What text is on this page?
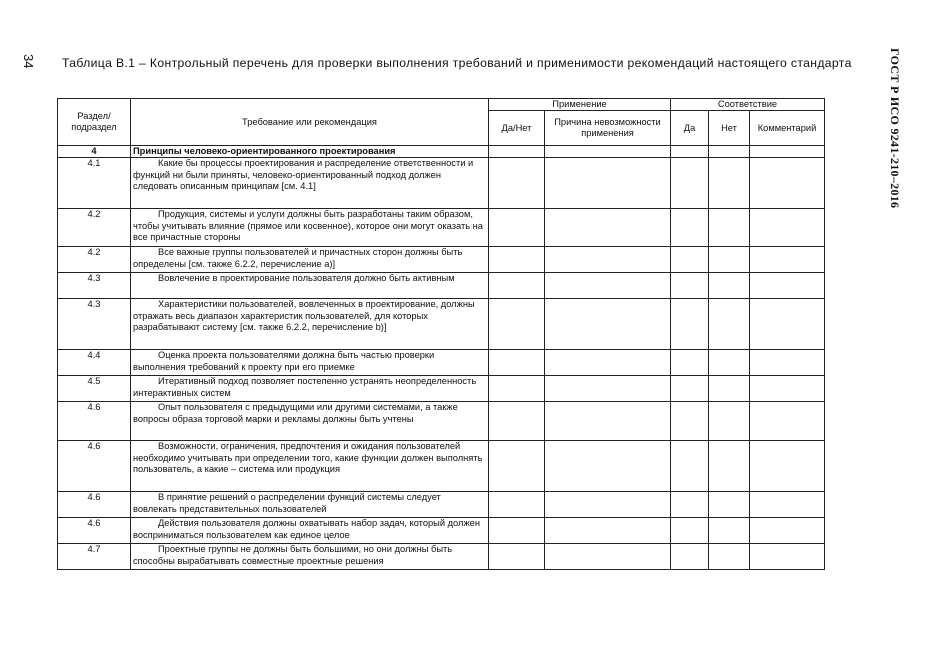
34	ГОСТ Р ИСО 9241-210–2016
Таблица В.1 – Контрольный перечень для проверки выполнения требований и применимости рекомендаций настоящего стандарта
Раздел/ подраздел	Требование или рекомендация	Применение		Соответствие		
		Да/Нет	Причина невозможности применения	Да	Нет	Комментарий
4	Принципы человеко-ориентированного проектирования					
4.1	Какие бы процессы проектирования и распределение ответственности и функций ни были приняты, человеко-ориентированный подход должен следовать описанным принципам [см. 4.1]					
4.2	Продукция, системы и услуги должны быть разработаны таким образом, чтобы учитывать влияние (прямое или косвенное), которое они могут оказать на все причастные стороны					
4.2	Все важные группы пользователей и причастных сторон должны быть определены [см. также 6.2.2, перечисление а)]					
4.3	Вовлечение в проектирование пользователя должно быть активным					
4.3	Характеристики пользователей, вовлеченных в проектирование, должны отражать весь диапазон характеристик пользователей, для которых разрабатывают систему [см. также 6.2.2, перечисление b)]					
4.4	Оценка проекта пользователями должна быть частью проверки выполнения требований к проекту при его приемке					
4.5	Итеративный подход позволяет постепенно устранять неопределенность интерактивных систем					
4.6	Опыт пользователя с предыдущими или другими системами, а также вопросы образа торговой марки и рекламы должны быть учтены					
4.6	Возможности, ограничения, предпочтения и ожидания пользователей необходимо учитывать при определении того, какие функции должен выполнять пользователь, а какие – система или продукция					
4.6	В принятие решений о распределении функций системы следует вовлекать представительных пользователей					
4.6	Действия пользователя должны охватывать набор задач, который должен восприниматься пользователем как единое целое					
4.7	Проектные группы не должны быть большими, но они должны быть способны вырабатывать совместные проектные решения					
